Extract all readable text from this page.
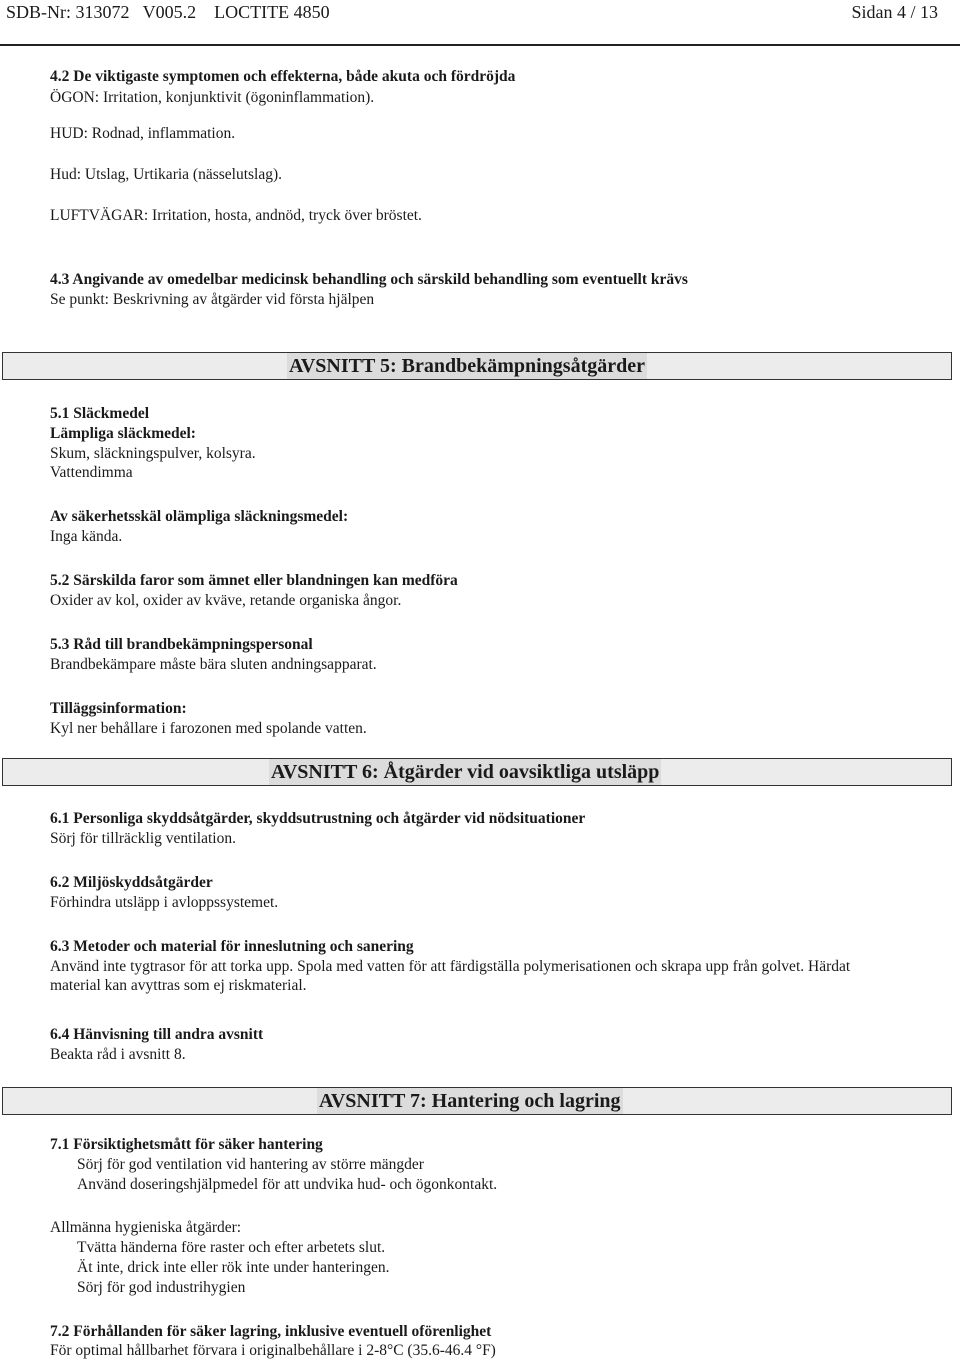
SDB-Nr: 313072   V005.2    LOCTITE 4850	Sidan 4 / 13
4.2 De viktigaste symptomen och effekterna, både akuta och fördröjda
ÖGON: Irritation, konjunktivit (ögoninflammation).
HUD: Rodnad, inflammation.
Hud: Utslag, Urtikaria (nässelutslag).
LUFTVÄGAR: Irritation, hosta, andnöd, tryck över bröstet.
4.3 Angivande av omedelbar medicinsk behandling och särskild behandling som eventuellt krävs
Se punkt: Beskrivning av åtgärder vid första hjälpen
AVSNITT 5: Brandbekämpningsåtgärder
5.1 Släckmedel
Lämpliga släckmedel:
Skum, släckningspulver, kolsyra.
Vattendimma
Av säkerhetsskäl olämpliga släckningsmedel:
Inga kända.
5.2 Särskilda faror som ämnet eller blandningen kan medföra
Oxider av kol, oxider av kväve, retande organiska ångor.
5.3 Råd till brandbekämpningspersonal
Brandbekämpare måste bära sluten andningsapparat.
Tilläggsinformation:
Kyl ner behållare i farozonen med spolande vatten.
AVSNITT 6: Åtgärder vid oavsiktliga utsläpp
6.1 Personliga skyddsåtgärder, skyddsutrustning och åtgärder vid nödsituationer
Sörj för tillräcklig ventilation.
6.2 Miljöskyddsåtgärder
Förhindra utsläpp i avloppssystemet.
6.3 Metoder och material för inneslutning och sanering
Använd inte tygtrasor för att torka upp. Spola med vatten för att färdigställa polymerisationen och skrapa upp från golvet. Härdat
material kan avyttras som ej riskmaterial.
6.4 Hänvisning till andra avsnitt
Beakta råd i avsnitt 8.
AVSNITT 7: Hantering och lagring
7.1 Försiktighetsmått för säker hantering
Sörj för god ventilation vid hantering av större mängder
Använd doseringshjälpmedel för att undvika hud- och ögonkontakt.
Allmänna hygieniska åtgärder:
Tvätta händerna före raster och efter arbetets slut.
Ät inte, drick inte eller rök inte under hanteringen.
Sörj för god industrihygien
7.2 Förhållanden för säker lagring, inklusive eventuell oförenlighet
För optimal hållbarhet förvara i originalbehållare i 2-8°C (35.6-46.4 °F)
